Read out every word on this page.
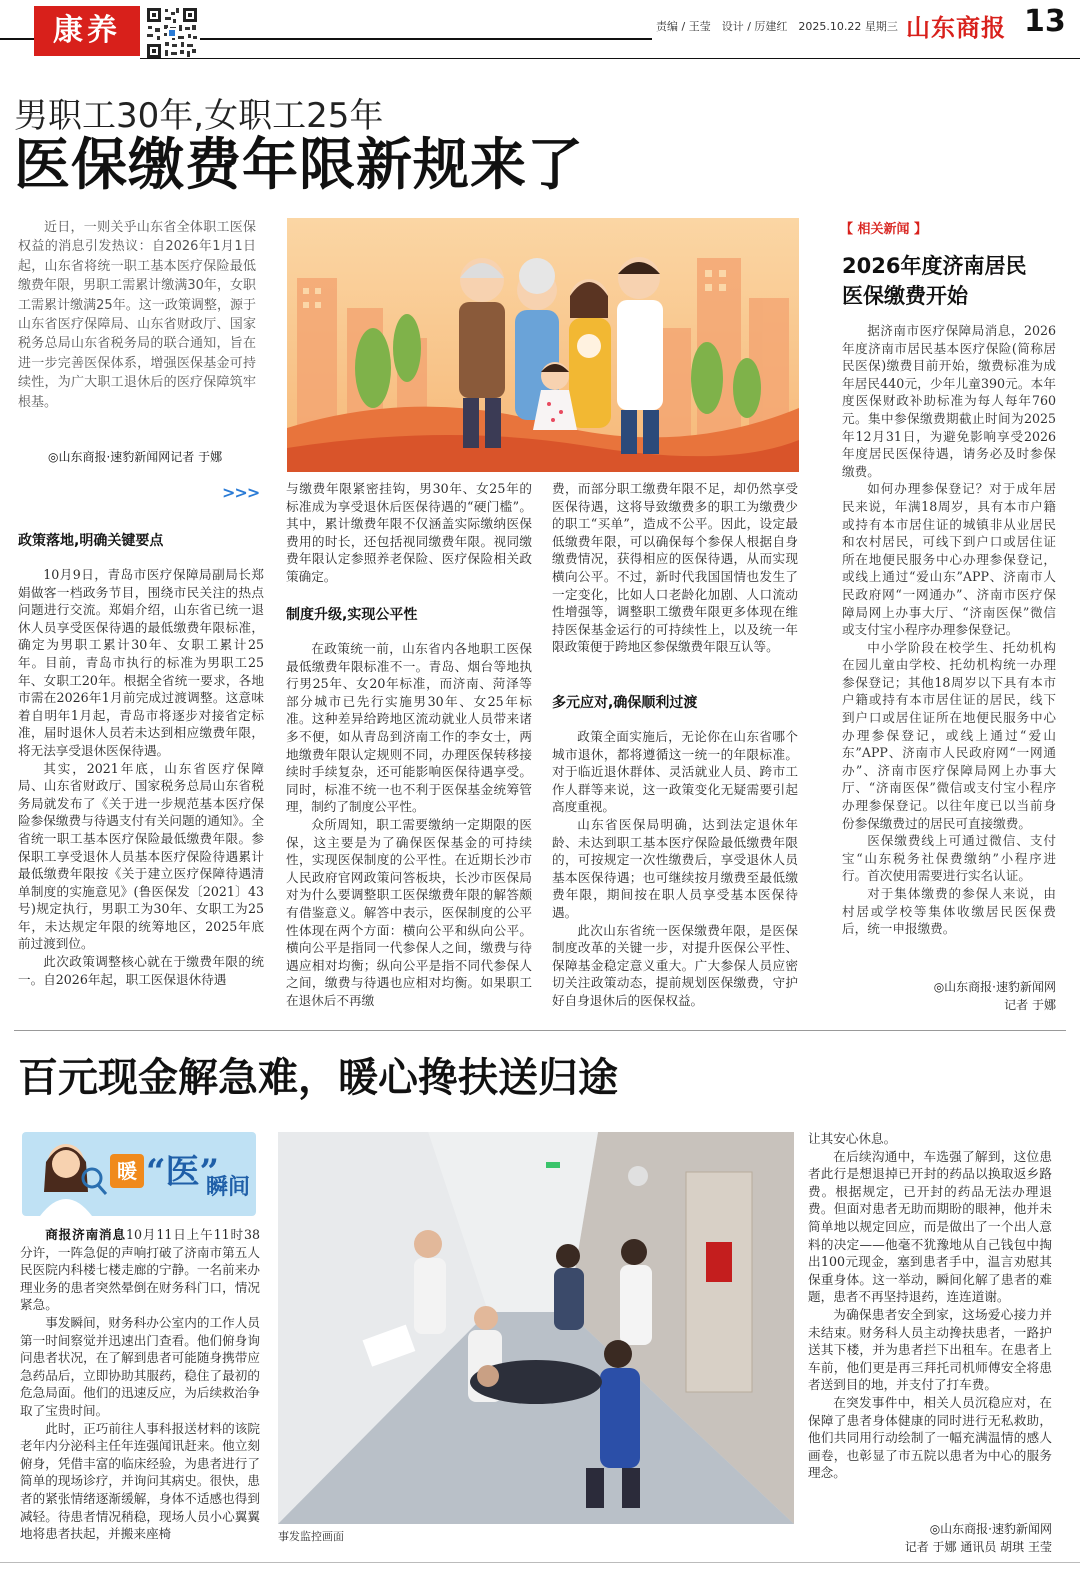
康养	责编 / 王莹　设计 / 厉建红　2025.10.22 星期三 山东商报 13
男职工30年,女职工25年
医保缴费年限新规来了

近日，一则关乎山东省全体职工医保权益的消息引发热议：自2026年1月1日起，山东省将统一职工基本医疗保险最低缴费年限，男职工需累计缴满30年，女职工需累计缴满25年。这一政策调整，源于山东省医疗保障局、山东省财政厅、国家税务总局山东省税务局的联合通知，旨在进一步完善医保体系，增强医保基金可持续性，为广大职工退休后的医疗保障筑牢根基。

◎山东商报·速豹新闻网记者 于娜
>>>
政策落地,明确关键要点

10月9日，青岛市医疗保障局副局长郑娟做客一档政务节目，围绕市民关注的热点问题进行交流。郑娟介绍，山东省已统一退休人员享受医保待遇的最低缴费年限标准，确定为男职工累计30年、女职工累计25年。目前，青岛市执行的标准为男职工25年、女职工20年。根据全省统一要求，各地市需在2026年1月前完成过渡调整。这意味着自明年1月起，青岛市将逐步对接省定标准，届时退休人员若未达到相应缴费年限，将无法享受退休医保待遇。

其实，2021年底，山东省医疗保障局、山东省财政厅、国家税务总局山东省税务局就发布了《关于进一步规范基本医疗保险参保缴费与待遇支付有关问题的通知》。全省统一职工基本医疗保险最低缴费年限。参保职工享受退休人员基本医疗保险待遇累计最低缴费年限按《关于建立医疗保障待遇清单制度的实施意见》(鲁医保发〔2021〕43号)规定执行，男职工为30年、女职工为25年，未达规定年限的统筹地区，2025年底前过渡到位。

此次政策调整核心就在于缴费年限的统一。自2026年起，职工医保退休待遇

与缴费年限紧密挂钩，男30年、女25年的标准成为享受退休后医保待遇的“硬门槛”。其中，累计缴费年限不仅涵盖实际缴纳医保费用的时长，还包括视同缴费年限。视同缴费年限认定参照养老保险、医疗保险相关政策确定。

制度升级,实现公平性

在政策统一前，山东省内各地职工医保最低缴费年限标准不一。青岛、烟台等地执行男25年、女20年标准，而济南、菏泽等部分城市已先行实施男30年、女25年标准。这种差异给跨地区流动就业人员带来诸多不便，如从青岛到济南工作的李女士，两地缴费年限认定规则不同，办理医保转移接续时手续复杂，还可能影响医保待遇享受。同时，标准不统一也不利于医保基金统筹管理，制约了制度公平性。

众所周知，职工需要缴纳一定期限的医保，这主要是为了确保医保基金的可持续性，实现医保制度的公平性。在近期长沙市人民政府官网政策问答板块，长沙市医保局对为什么要调整职工医保缴费年限的解答颇有借鉴意义。解答中表示，医保制度的公平性体现在两个方面：横向公平和纵向公平。横向公平是指同一代参保人之间，缴费与待遇应相对均衡；纵向公平是指不同代参保人之间，缴费与待遇也应相对均衡。如果职工在退休后不再缴

费，而部分职工缴费年限不足，却仍然享受医保待遇，这将导致缴费多的职工为缴费少的职工“买单”，造成不公平。因此，设定最低缴费年限，可以确保每个参保人根据自身缴费情况，获得相应的医保待遇，从而实现横向公平。不过，新时代我国国情也发生了一定变化，比如人口老龄化加剧、人口流动性增强等，调整职工缴费年限更多体现在维持医保基金运行的可持续性上，以及统一年限政策便于跨地区参保缴费年限互认等。

多元应对,确保顺利过渡

政策全面实施后，无论你在山东省哪个城市退休，都将遵循这一统一的年限标准。对于临近退休群体、灵活就业人员、跨市工作人群等来说，这一政策变化无疑需要引起高度重视。

山东省医保局明确，达到法定退休年龄、未达到职工基本医疗保险最低缴费年限的，可按规定一次性缴费后，享受退休人员基本医保待遇；也可继续按月缴费至最低缴费年限，期间按在职人员享受基本医保待遇。

此次山东省统一医保缴费年限，是医保制度改革的关键一步，对提升医保公平性、保障基金稳定意义重大。广大参保人员应密切关注政策动态，提前规划医保缴费，守护好自身退休后的医保权益。

【 相关新闻 】
2026年度济南居民
医保缴费开始

据济南市医疗保障局消息，2026年度济南市居民基本医疗保险(简称居民医保)缴费目前开始，缴费标准为成年居民440元，少年儿童390元。本年度医保财政补助标准为每人每年760元。集中参保缴费期截止时间为2025年12月31日，为避免影响享受2026年度居民医保待遇，请务必及时参保缴费。

如何办理参保登记？对于成年居民来说，年满18周岁，具有本市户籍或持有本市居住证的城镇非从业居民和农村居民，可线下到户口或居住证所在地便民服务中心办理参保登记，或线上通过“爱山东”APP、济南市人民政府网“一网通办”、济南市医疗保障局网上办事大厅、“济南医保”微信或支付宝小程序办理参保登记。

中小学阶段在校学生、托幼机构在园儿童由学校、托幼机构统一办理参保登记；其他18周岁以下具有本市户籍或持有本市居住证的居民，线下到户口或居住证所在地便民服务中心办理参保登记，或线上通过“爱山东”APP、济南市人民政府网“一网通办”、济南市医疗保障局网上办事大厅、“济南医保”微信或支付宝小程序办理参保登记。以往年度已以当前身份参保缴费过的居民可直接缴费。

医保缴费线上可通过微信、支付宝“山东税务社保费缴纳”小程序进行。首次使用需要进行实名认证。

对于集体缴费的参保人来说，由村居或学校等集体收缴居民医保费后，统一申报缴费。

◎山东商报·速豹新闻网
记者 于娜
百元现金解急难，暖心搀扶送归途
暖 “医”
瞬间

商报济南消息10月11日上午11时38分许，一阵急促的声响打破了济南市第五人民医院内科楼七楼走廊的宁静。一名前来办理业务的患者突然晕倒在财务科门口，情况紧急。

事发瞬间，财务科办公室内的工作人员第一时间察觉并迅速出门查看。他们俯身询问患者状况，在了解到患者可能随身携带应急药品后，立即协助其服药，稳住了最初的危急局面。他们的迅速反应，为后续救治争取了宝贵时间。

此时，正巧前往人事科报送材料的该院老年内分泌科主任年连强闻讯赶来。他立刻俯身，凭借丰富的临床经验，为患者进行了简单的现场诊疗，并询问其病史。很快，患者的紧张情绪逐渐缓解，身体不适感也得到减轻。待患者情况稍稳，现场人员小心翼翼地将患者扶起，并搬来座椅	事发监控画面

让其安心休息。

在后续沟通中，车选强了解到，这位患者此行是想退掉已开封的药品以换取返乡路费。根据规定，已开封的药品无法办理退费。但面对患者无助而期盼的眼神，他并未简单地以规定回应，而是做出了一个出人意料的决定——他毫不犹豫地从自己钱包中掏出100元现金，塞到患者手中，温言劝慰其保重身体。这一举动，瞬间化解了患者的难题，患者不再坚持退药，连连道谢。

为确保患者安全到家，这场爱心接力并未结束。财务科人员主动搀扶患者，一路护送其下楼，并为患者拦下出租车。在患者上车前，他们更是再三拜托司机师傅安全将患者送到目的地，并支付了打车费。

在突发事件中，相关人员沉稳应对，在保障了患者身体健康的同时进行无私救助，他们共同用行动绘制了一幅充满温情的感人画卷，也彰显了市五院以患者为中心的服务理念。

◎山东商报·速豹新闻网
记者 于娜 通讯员 胡琪 王莹
